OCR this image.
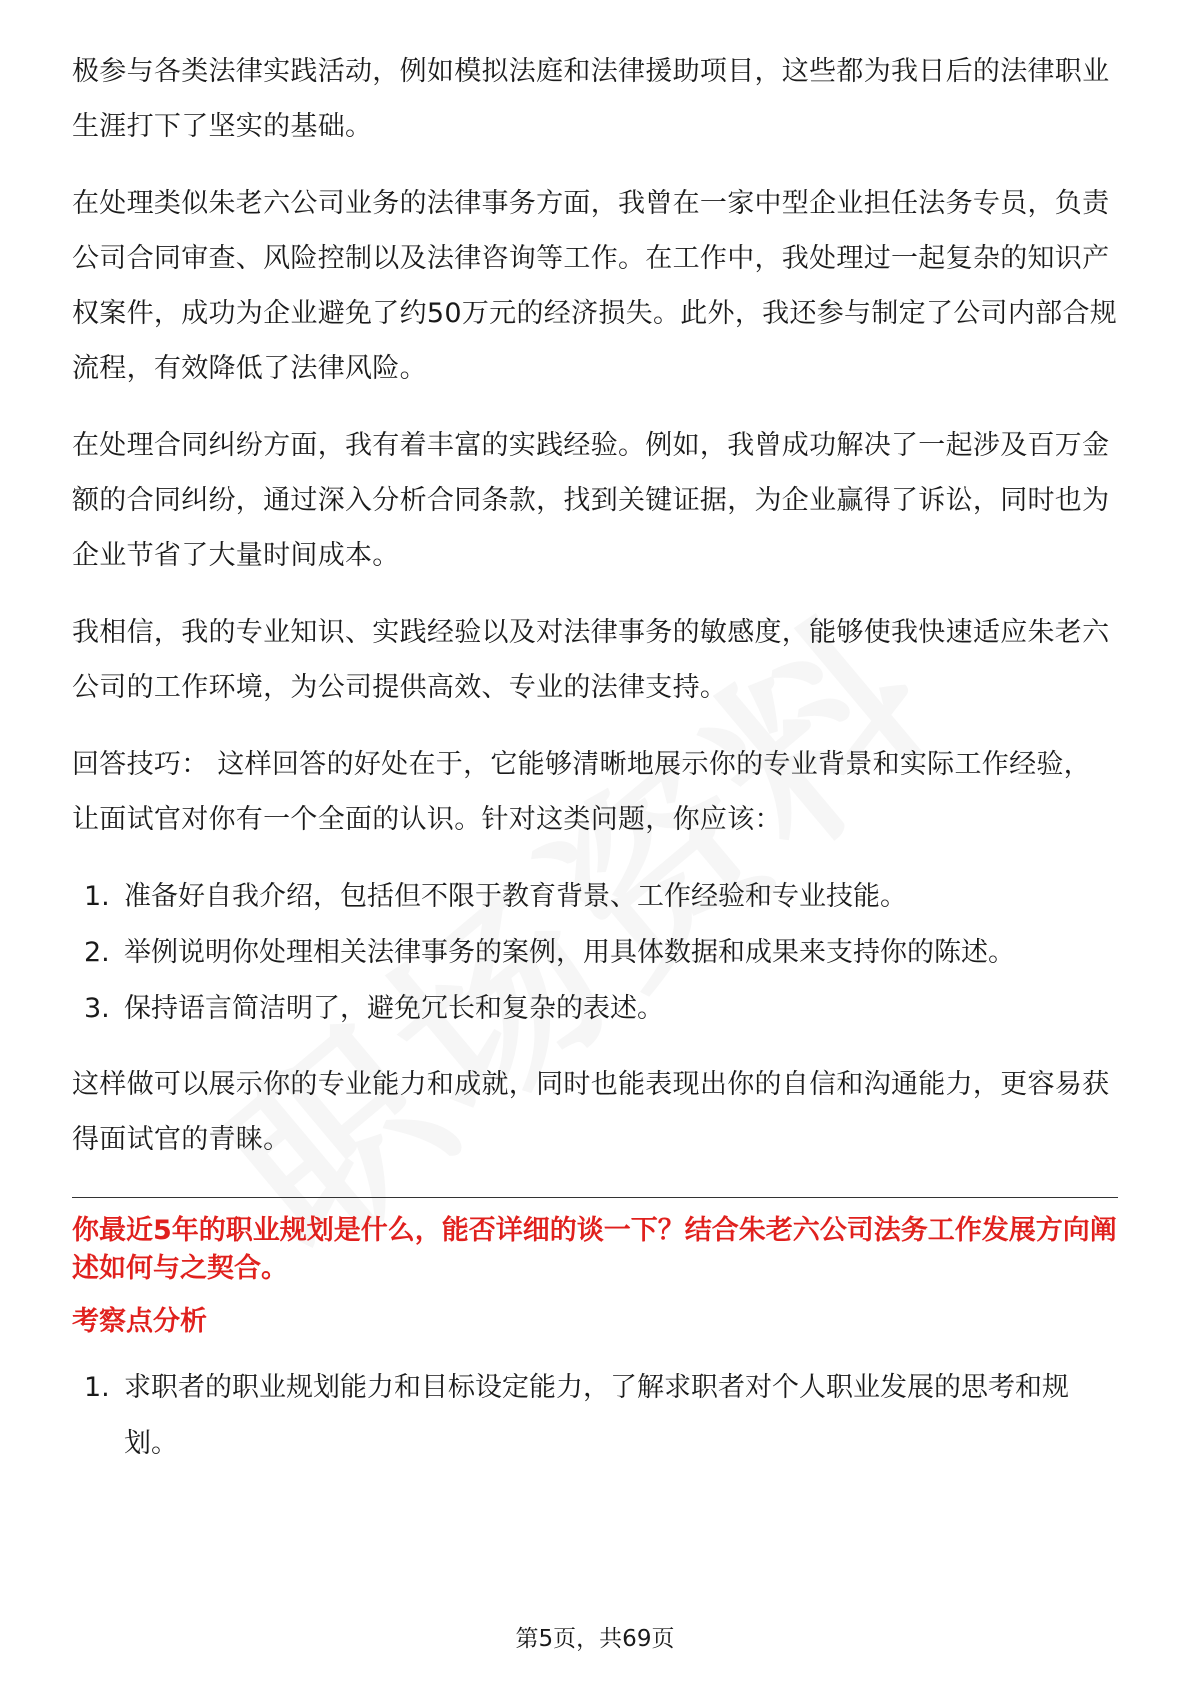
极参与各类法律实践活动，例如模拟法庭和法律援助项目，这些都为我日后的法律职业生涯打下了坚实的基础。

在处理类似朱老六公司业务的法律事务方面，我曾在一家中型企业担任法务专员，负责公司合同审查、风险控制以及法律咨询等工作。在工作中，我处理过一起复杂的知识产权案件，成功为企业避免了约50万元的经济损失。此外，我还参与制定了公司内部合规流程，有效降低了法律风险。

在处理合同纠纷方面，我有着丰富的实践经验。例如，我曾成功解决了一起涉及百万金额的合同纠纷，通过深入分析合同条款，找到关键证据，为企业赢得了诉讼，同时也为企业节省了大量时间成本。

我相信，我的专业知识、实践经验以及对法律事务的敏感度，能够使我快速适应朱老六公司的工作环境，为公司提供高效、专业的法律支持。

回答技巧： 这样回答的好处在于，它能够清晰地展示你的专业背景和实际工作经验，让面试官对你有一个全面的认识。针对这类问题，你应该：

1. 准备好自我介绍，包括但不限于教育背景、工作经验和专业技能。
2. 举例说明你处理相关法律事务的案例，用具体数据和成果来支持你的陈述。
3. 保持语言简洁明了，避免冗长和复杂的表述。

这样做可以展示你的专业能力和成就，同时也能表现出你的自信和沟通能力，更容易获得面试官的青睐。

你最近5年的职业规划是什么，能否详细的谈一下？结合朱老六公司法务工作发展方向阐述如何与之契合。
考察点分析
1. 求职者的职业规划能力和目标设定能力，了解求职者对个人职业发展的思考和规划。
第5页，共69页
